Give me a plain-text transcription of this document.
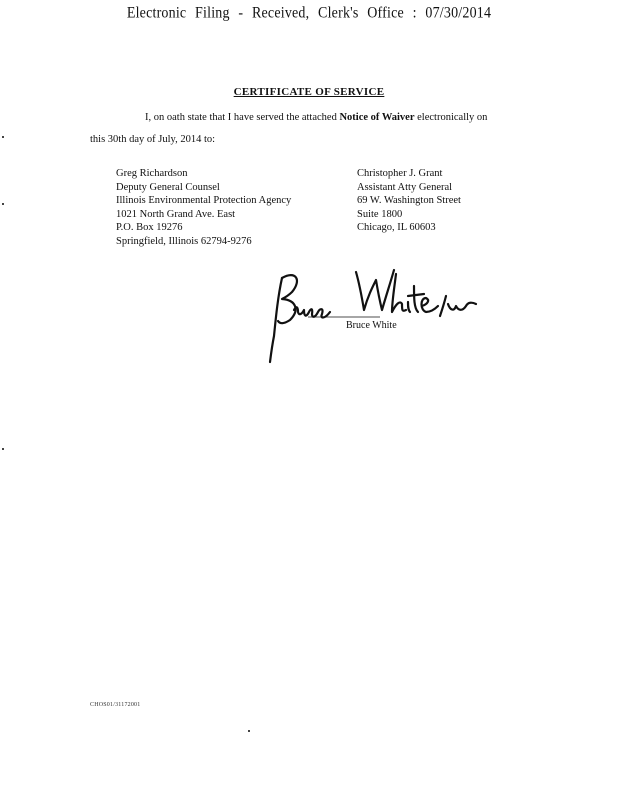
Electronic Filing - Received, Clerk's Office : 07/30/2014
CERTIFICATE OF SERVICE
I, on oath state that I have served the attached Notice of Waiver electronically on
this 30th day of July, 2014 to:
Greg Richardson
Deputy General Counsel
Illinois Environmental Protection Agency
1021 North Grand Ave. East
P.O. Box 19276
Springfield, Illinois 62794-9276
Christopher J. Grant
Assistant Atty General
69 W. Washington Street
Suite 1800
Chicago, IL 60603
Bruce White
CHOS01/31172001
